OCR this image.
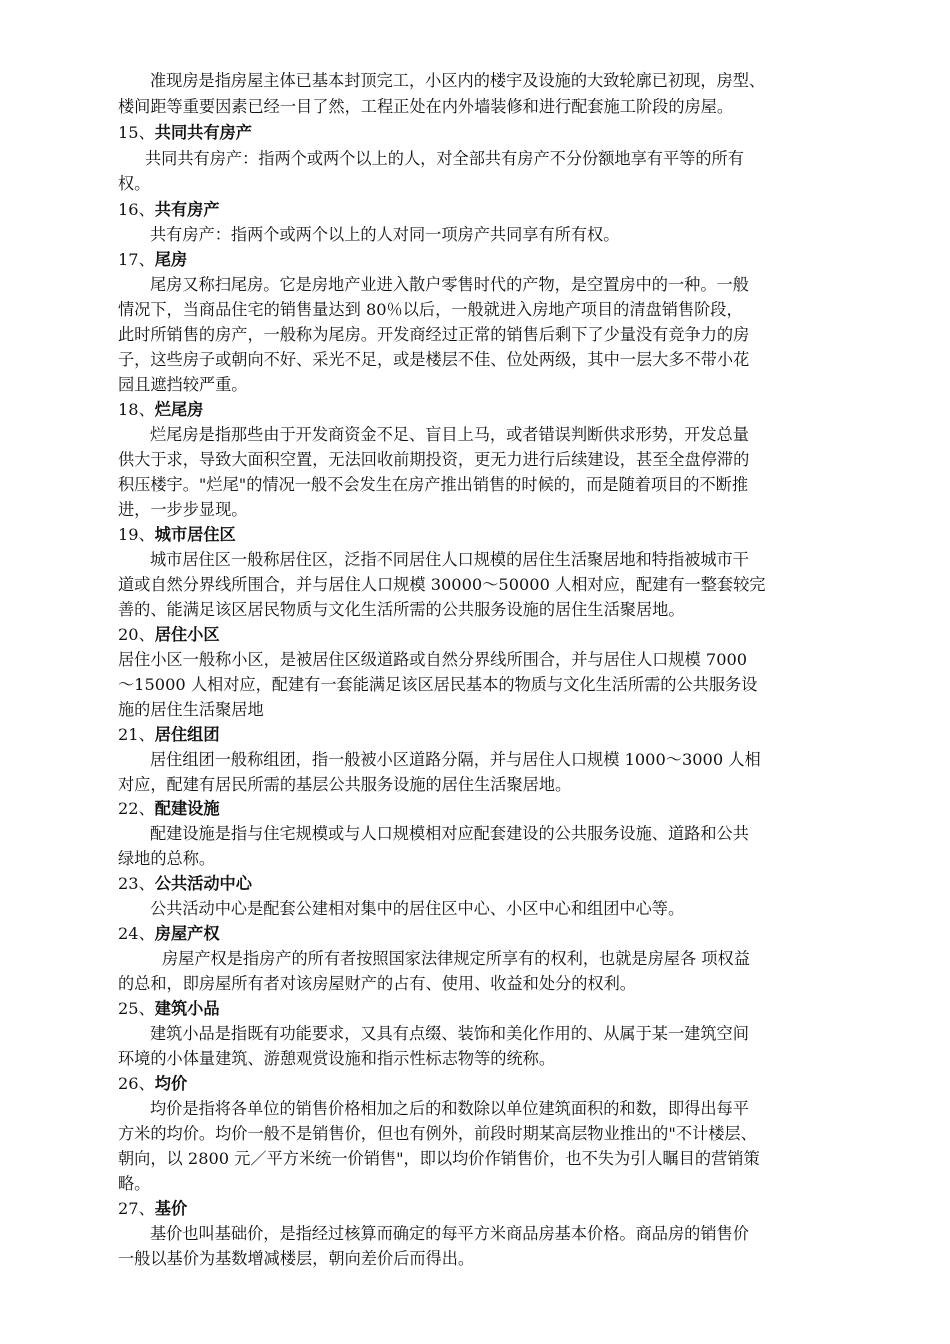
准现房是指房屋主体已基本封顶完工，小区内的楼宇及设施的大致轮廓已初现，房型、
楼间距等重要因素已经一目了然，工程正处在内外墙装修和进行配套施工阶段的房屋。
15、共同共有房产
共同共有房产：指两个或两个以上的人，对全部共有房产不分份额地享有平等的所有
权。
16、共有房产
共有房产：指两个或两个以上的人对同一项房产共同享有所有权。
17、尾房
尾房又称扫尾房。它是房地产业进入散户零售时代的产物，是空置房中的一种。一般
情况下，当商品住宅的销售量达到 80％以后，一般就进入房地产项目的清盘销售阶段，
此时所销售的房产，一般称为尾房。开发商经过正常的销售后剩下了少量没有竞争力的房
子，这些房子或朝向不好、采光不足，或是楼层不佳、位处两级，其中一层大多不带小花
园且遮挡较严重。
18、烂尾房
烂尾房是指那些由于开发商资金不足、盲目上马，或者错误判断供求形势，开发总量
供大于求，导致大面积空置，无法回收前期投资，更无力进行后续建设，甚至全盘停滞的
积压楼宇。"烂尾"的情况一般不会发生在房产推出销售的时候的，而是随着项目的不断推
进，一步步显现。
19、城市居住区
城市居住区一般称居住区，泛指不同居住人口规模的居住生活聚居地和特指被城市干
道或自然分界线所围合，并与居住人口规模 30000～50000 人相对应，配建有一整套较完
善的、能满足该区居民物质与文化生活所需的公共服务设施的居住生活聚居地。
20、居住小区
居住小区一般称小区，是被居住区级道路或自然分界线所围合，并与居住人口规模 7000
～15000 人相对应，配建有一套能满足该区居民基本的物质与文化生活所需的公共服务设
施的居住生活聚居地
21、居住组团
居住组团一般称组团，指一般被小区道路分隔，并与居住人口规模 1000～3000 人相
对应，配建有居民所需的基层公共服务设施的居住生活聚居地。
22、配建设施
配建设施是指与住宅规模或与人口规模相对应配套建设的公共服务设施、道路和公共
绿地的总称。
23、公共活动中心
公共活动中心是配套公建相对集中的居住区中心、小区中心和组团中心等。
24、房屋产权
房屋产权是指房产的所有者按照国家法律规定所享有的权利，也就是房屋各 项权益
的总和，即房屋所有者对该房屋财产的占有、使用、收益和处分的权利。
25、建筑小品
建筑小品是指既有功能要求，又具有点缀、装饰和美化作用的、从属于某一建筑空间
环境的小体量建筑、游憩观赏设施和指示性标志物等的统称。
26、均价
均价是指将各单位的销售价格相加之后的和数除以单位建筑面积的和数，即得出每平
方米的均价。均价一般不是销售价，但也有例外，前段时期某高层物业推出的"不计楼层、
朝向，以 2800 元／平方米统一价销售"，即以均价作销售价，也不失为引人瞩目的营销策
略。
27、基价
基价也叫基础价，是指经过核算而确定的每平方米商品房基本价格。商品房的销售价
一般以基价为基数增减楼层，朝向差价后而得出。
